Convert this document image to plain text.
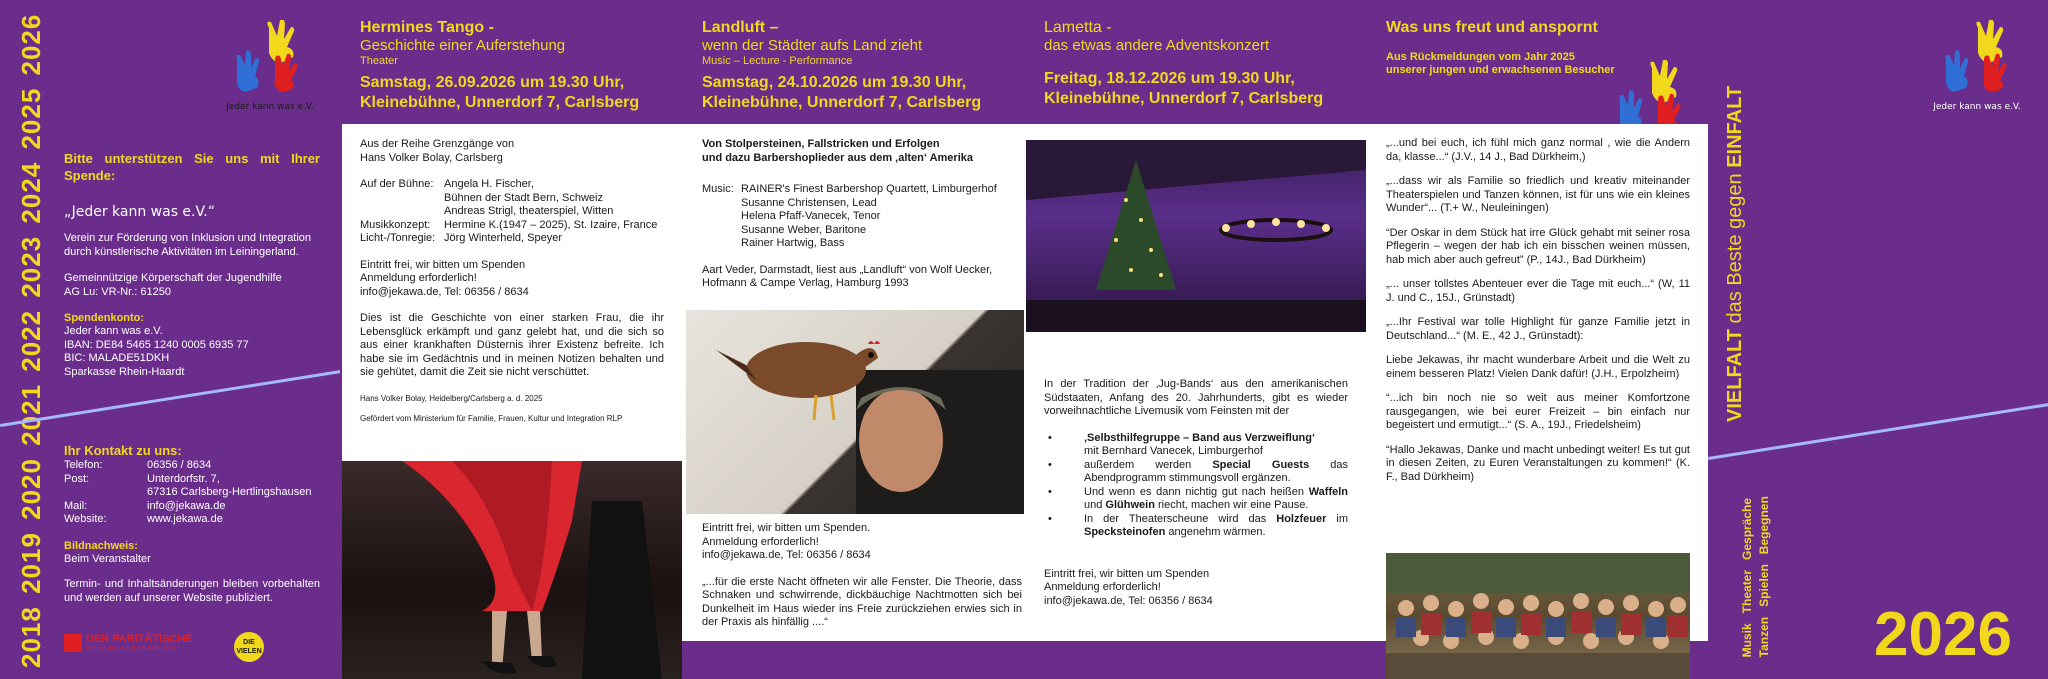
2018 2019 2020 2021 2022 2023 2024 2025 2026	Jeder kann was e.V.
Bitte unterstützen Sie uns mit Ihrer Spende:
„Jeder kann was e.V.“
Verein zur Förderung von Inklusion und Integration durch künstlerische Aktivitäten im Leiningerland.
Gemeinnützige Körperschaft der Jugendhilfe
AG Lu: VR-Nr.: 61250
Spendenkonto:
Jeder kann was e.V.
IBAN: DE84 5465 1240 0005 6935 77
BIC: MALADE51DKH
Sparkasse Rhein-Haardt
Ihr Kontakt zu uns:
Telefon:	06356 / 8634
Post:	Unterdorfstr. 7,
	67316 Carlsberg-Hertlingshausen
Mail:	info@jekawa.de
Website:	www.jekawa.de
Bildnachweis:
Beim Veranstalter
Termin- und Inhaltsänderungen bleiben vorbehalten und werden auf unserer Website publiziert.
DER PARITÄTISCHE
RHEINLAND-PFALZ/SAARLAND
DIE VIELEN
Hermines Tango -
Geschichte einer Auferstehung
Theater
Samstag, 26.09.2026 um 19.30 Uhr,
Kleinebühne, Unnerdorf 7, Carlsberg
Landluft –
wenn der Städter aufs Land zieht
Music – Lecture - Performance
Samstag, 24.10.2026 um 19.30 Uhr,
Kleinebühne, Unnerdorf 7, Carlsberg
Lametta -
das etwas andere Adventskonzert
Freitag, 18.12.2026 um 19.30 Uhr,
Kleinebühne, Unnerdorf 7, Carlsberg
Was uns freut und anspornt
Aus Rückmeldungen vom Jahr 2025
unserer jungen und erwachsenen Besucher
Aus der Reihe Grenzgänge von
Hans Volker Bolay, Carlsberg
Auf der Bühne:	Angela H. Fischer,
	Bühnen der Stadt Bern, Schweiz
	Andreas Strigl, theaterspiel, Witten
Musikkonzept:	Hermine K.(1947 – 2025), St. Izaire, France
Licht-/Tonregie:	Jörg Winterheld, Speyer
Eintritt frei, wir bitten um Spenden
Anmeldung erforderlich!
info@jekawa.de, Tel: 06356 / 8634
Dies ist die Geschichte von einer starken Frau, die ihr Lebensglück erkämpft und ganz gelebt hat, und die sich so aus einer krankhaften Düsternis ihrer Existenz befreite. Ich habe sie im Gedächtnis und in meinen Notizen behalten und sie gehütet, damit die Zeit sie nicht verschüttet.
Hans Volker Bolay, Heidelberg/Carlsberg a. d. 2025
Gefördert vom Ministerium für Familie, Frauen, Kultur und Integration RLP
Von Stolpersteinen, Fallstricken und Erfolgen
und dazu Barbershoplieder aus dem ‚alten‘ Amerika
Music:	RAINER's Finest Barbershop Quartett, Limburgerhof
	Susanne Christensen, Lead
	Helena Pfaff-Vanecek, Tenor
	Susanne Weber, Baritone
	Rainer Hartwig, Bass
Aart Veder, Darmstadt, liest aus „Landluft“ von Wolf Uecker, Hofmann & Campe Verlag, Hamburg 1993
Eintritt frei, wir bitten um Spenden.
Anmeldung erforderlich!
info@jekawa.de, Tel: 06356 / 8634
„...für die erste Nacht öffneten wir alle Fenster. Die Theorie, dass Schnaken und schwirrende, dickbäuchige Nachtmotten sich bei Dunkelheit im Haus wieder ins Freie zurückziehen erwies sich in der Praxis als hinfällig ....“
In der Tradition der ‚Jug-Bands‘ aus den amerikanischen Südstaaten, Anfang des 20. Jahrhunderts, gibt es wieder vorweihnachtliche Livemusik vom Feinsten mit der
• ‚Selbsthilfegruppe – Band aus Verzweiflung‘
mit Bernhard Vanecek, Limburgerhof
• außerdem werden Special Guests das Abendprogramm stimmungsvoll ergänzen.
• Und wenn es dann nichtig gut nach heißen Waffeln und Glühwein riecht, machen wir eine Pause.
• In der Theaterscheune wird das Holzfeuer im Specksteinofen angenehm wärmen.
Eintritt frei, wir bitten um Spenden
Anmeldung erforderlich!
info@jekawa.de, Tel: 06356 / 8634
„...und bei euch, ich fühl mich ganz normal , wie die Andern da, klasse...“ (J.V., 14 J., Bad Dürkheim,)
„...dass wir als Familie so friedlich und kreativ miteinander Theaterspielen und Tanzen können, ist für uns wie ein kleines Wunder“... (T.+ W., Neuleiningen)
“Der Oskar in dem Stück hat irre Glück gehabt mit seiner rosa Pflegerin – wegen der hab ich ein bisschen weinen müssen, hab mich aber auch gefreut” (P., 14J., Bad Dürkheim)
„... unser tollstes Abenteuer ever die Tage mit euch...“ (W, 11 J. und C., 15J., Grünstadt)
„...Ihr Festival war tolle Highlight für ganze Familie jetzt in Deutschland...“ (M. E., 42 J., Grünstadt):
Liebe Jekawas, ihr macht wunderbare Arbeit und die Welt zu einem besseren Platz! Vielen Dank dafür! (J.H., Erpolzheim)
“...ich bin noch nie so weit aus meiner Komfortzone rausgegangen, wie bei eurer Freizeit – bin einfach nur begeistert und ermutigt...“ (S. A., 19J., Friedelsheim)
“Hallo Jekawas, Danke und macht unbedingt weiter! Es tut gut in diesen Zeiten, zu Euren Veranstaltungen zu kommen!“ (K. F., Bad Dürkheim)
Jeder kann was e.V.
VIELFALT das Beste gegen EINFALT

Musik   Theater   Gespräche Tanzen   Spielen   Begegnen 2026
